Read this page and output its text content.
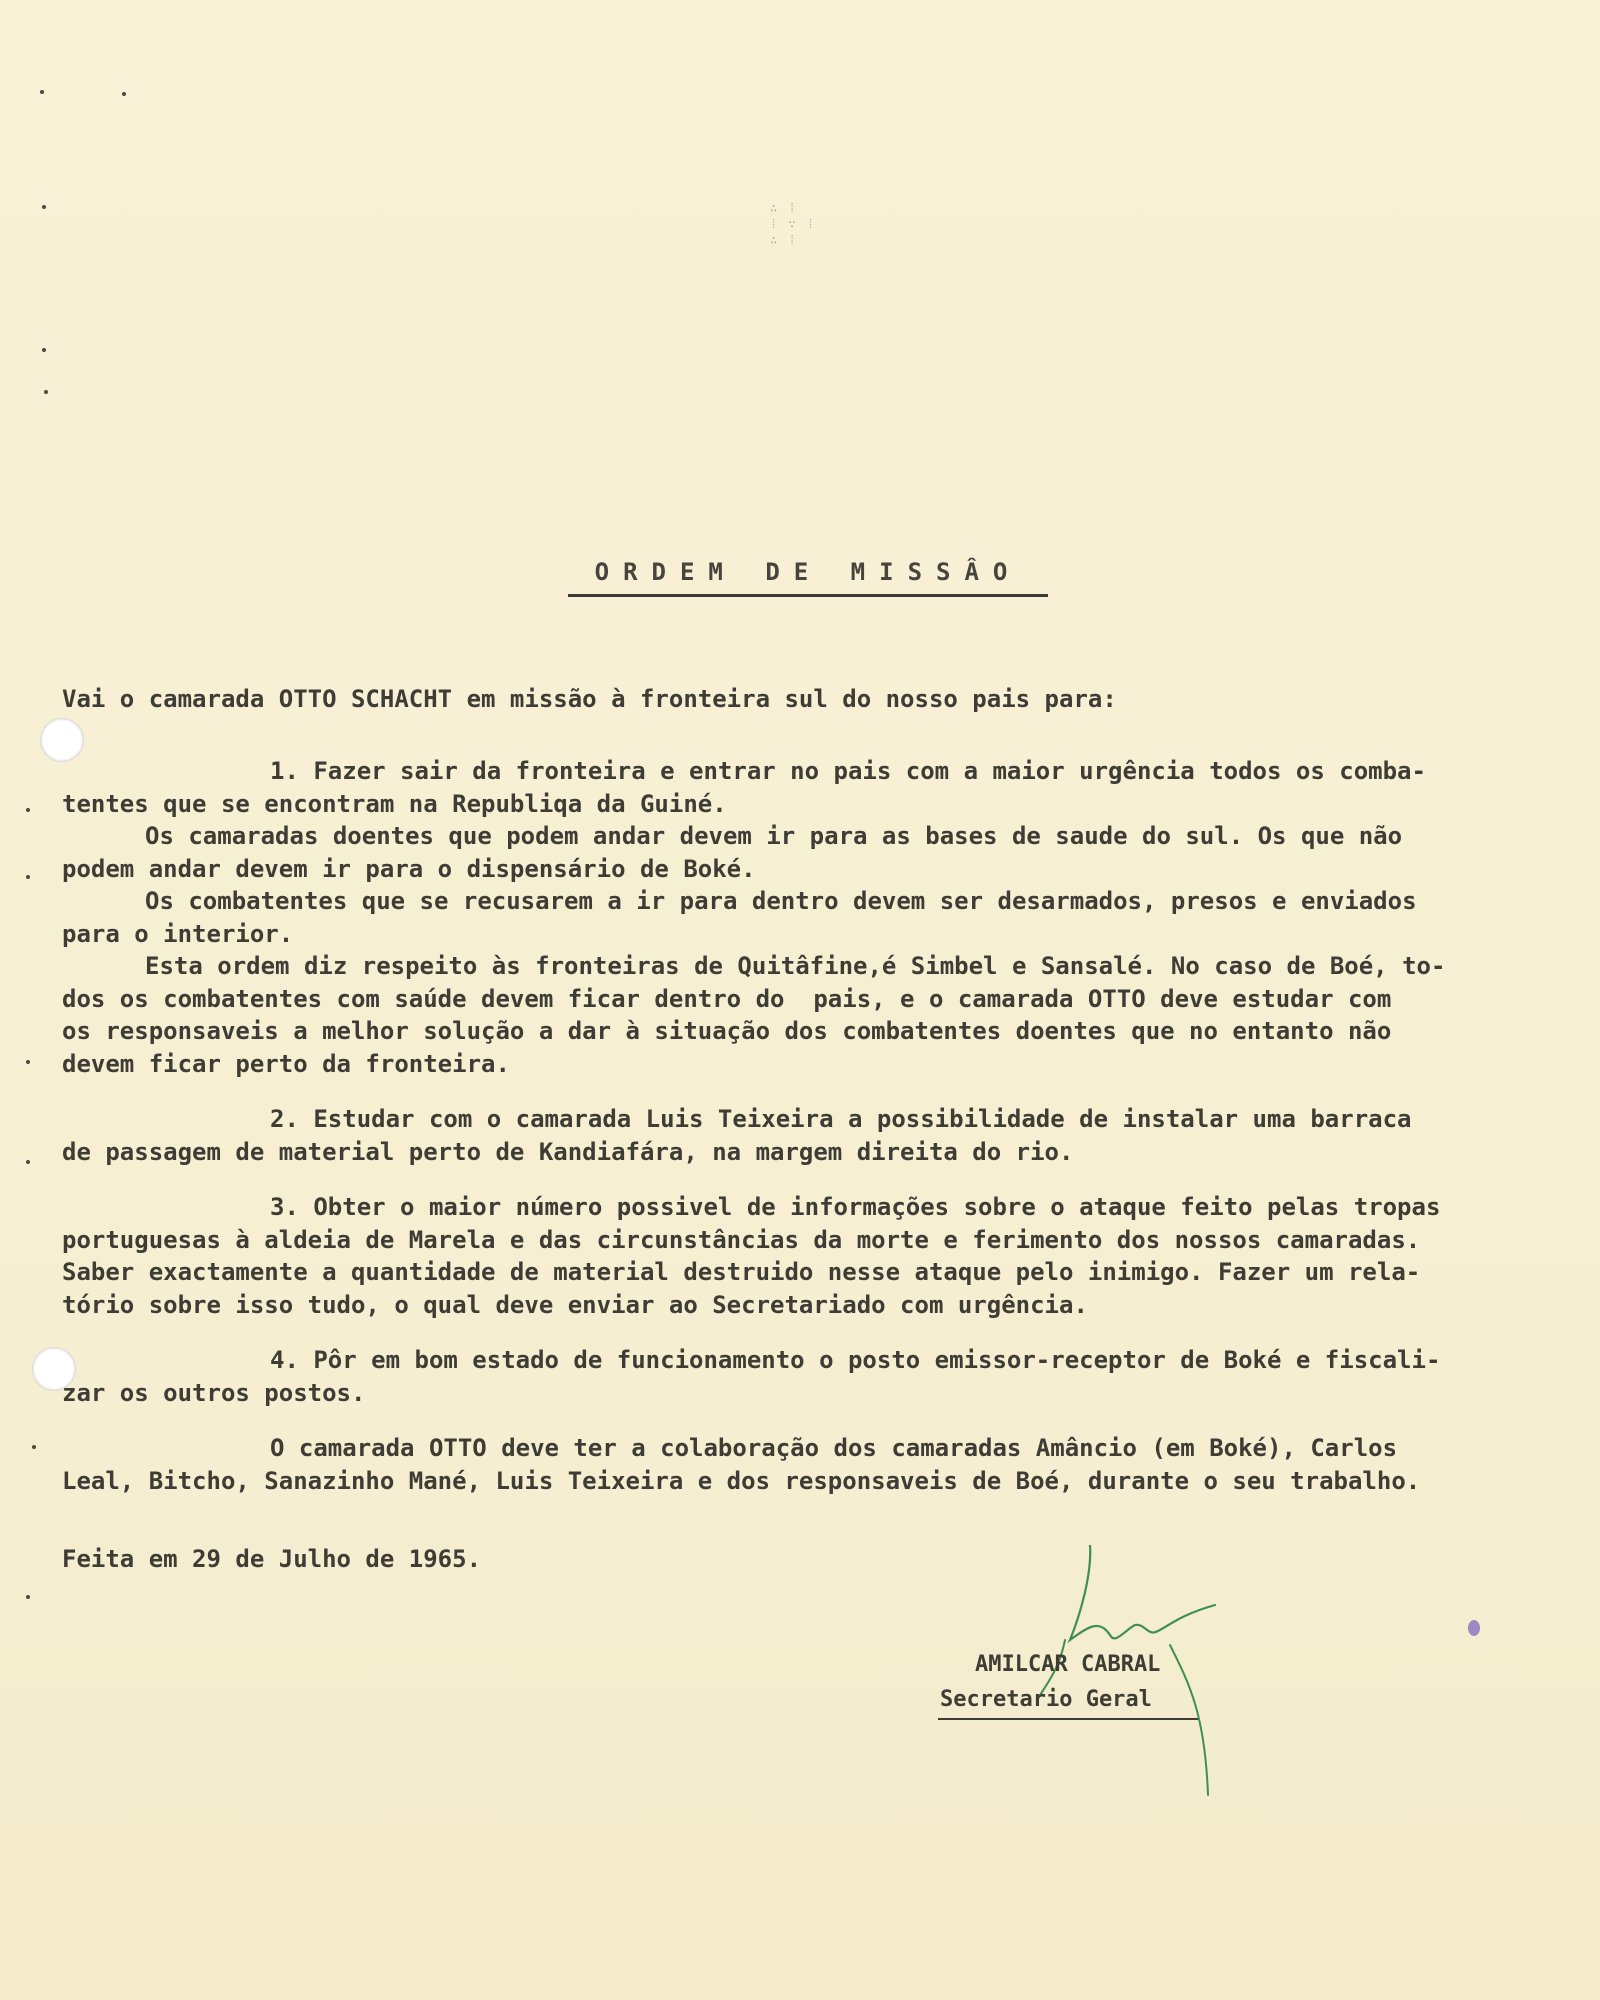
∴ ⁞
⁞ ∵ ⁞
∴ ⁞
ORDEM DE MISSÂO
Vai o camarada OTTO SCHACHT em missão à fronteira sul do nosso pais para:
1. Fazer sair da fronteira e entrar no pais com a maior urgência todos os comba-
tentes que se encontram na Republiqa da Guiné.
Os camaradas doentes que podem andar devem ir para as bases de saude do sul. Os que não
podem andar devem ir para o dispensário de Boké.
Os combatentes que se recusarem a ir para dentro devem ser desarmados, presos e enviados
para o interior.
Esta ordem diz respeito às fronteiras de Quitâfine,é Simbel e Sansalé. No caso de Boé, to-
dos os combatentes com saúde devem ficar dentro do  pais, e o camarada OTTO deve estudar com
os responsaveis a melhor solução a dar à situação dos combatentes doentes que no entanto não
devem ficar perto da fronteira.
2. Estudar com o camarada Luis Teixeira a possibilidade de instalar uma barraca
de passagem de material perto de Kandiafára, na margem direita do rio.
3. Obter o maior número possivel de informações sobre o ataque feito pelas tropas
portuguesas à aldeia de Marela e das circunstâncias da morte e ferimento dos nossos camaradas.
Saber exactamente a quantidade de material destruido nesse ataque pelo inimigo. Fazer um rela-
tório sobre isso tudo, o qual deve enviar ao Secretariado com urgência.
4. Pôr em bom estado de funcionamento o posto emissor-receptor de Boké e fiscali-
zar os outros postos.
O camarada OTTO deve ter a colaboração dos camaradas Amâncio (em Boké), Carlos
Leal, Bitcho, Sanazinho Mané, Luis Teixeira e dos responsaveis de Boé, durante o seu trabalho.
Feita em 29 de Julho de 1965.
AMILCAR CABRAL
Secretario Geral
